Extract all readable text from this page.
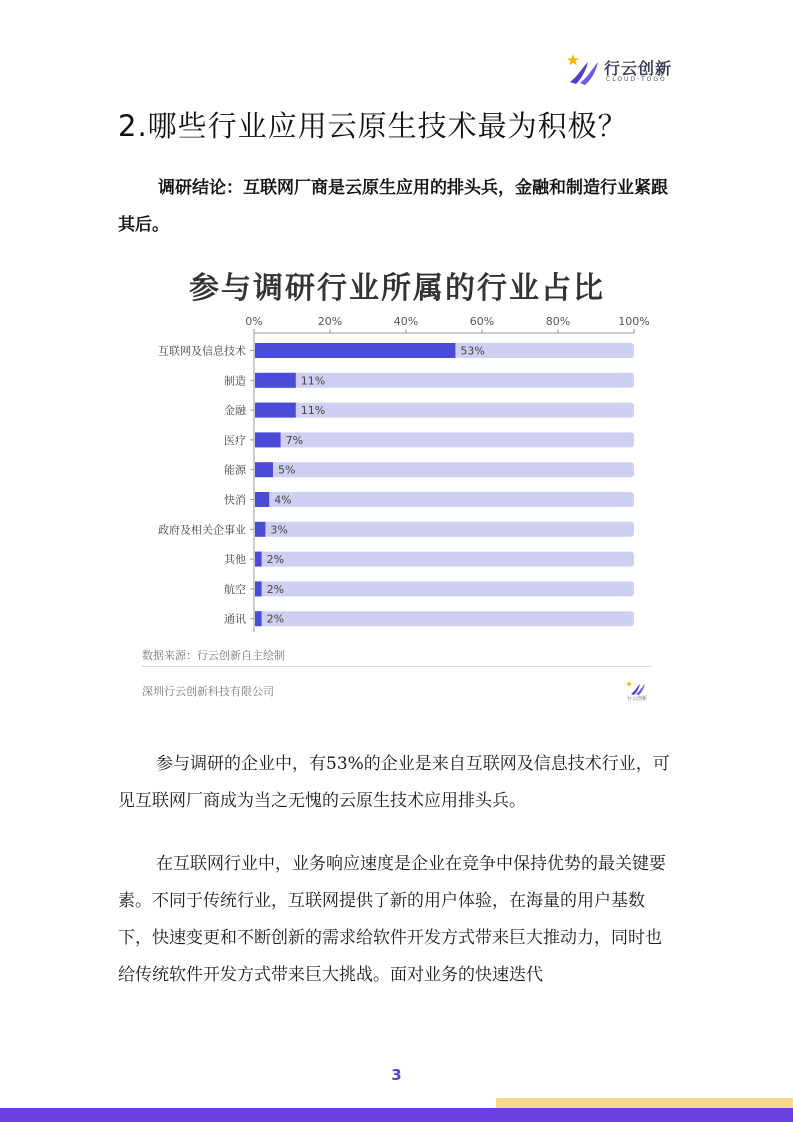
行云创新
CLOUD·TOGO
2.哪些行业应用云原生技术最为积极？

调研结论：互联网厂商是云原生应用的排头兵，金融和制造行业紧跟其后。

参与调研行业所属的行业占比
0%	20%	40%	60%	80%	100%
互联网及信息技术	53%
制造	11%
金融	11%
医疗	7%
能源	5%
快消	4%
政府及相关企事业 3%
其他 2%
航空 2%
通讯 2%
数据来源：行云创新自主绘制
深圳行云创新科技有限公司
行云创新

参与调研的企业中，有53%的企业是来自互联网及信息技术行业，可见互联网厂商成为当之无愧的云原生技术应用排头兵。

在互联网行业中，业务响应速度是企业在竞争中保持优势的最关键要素。不同于传统行业，互联网提供了新的用户体验，在海量的用户基数下，快速变更和不断创新的需求给软件开发方式带来巨大推动力，同时也给传统软件开发方式带来巨大挑战。面对业务的快速迭代

3
